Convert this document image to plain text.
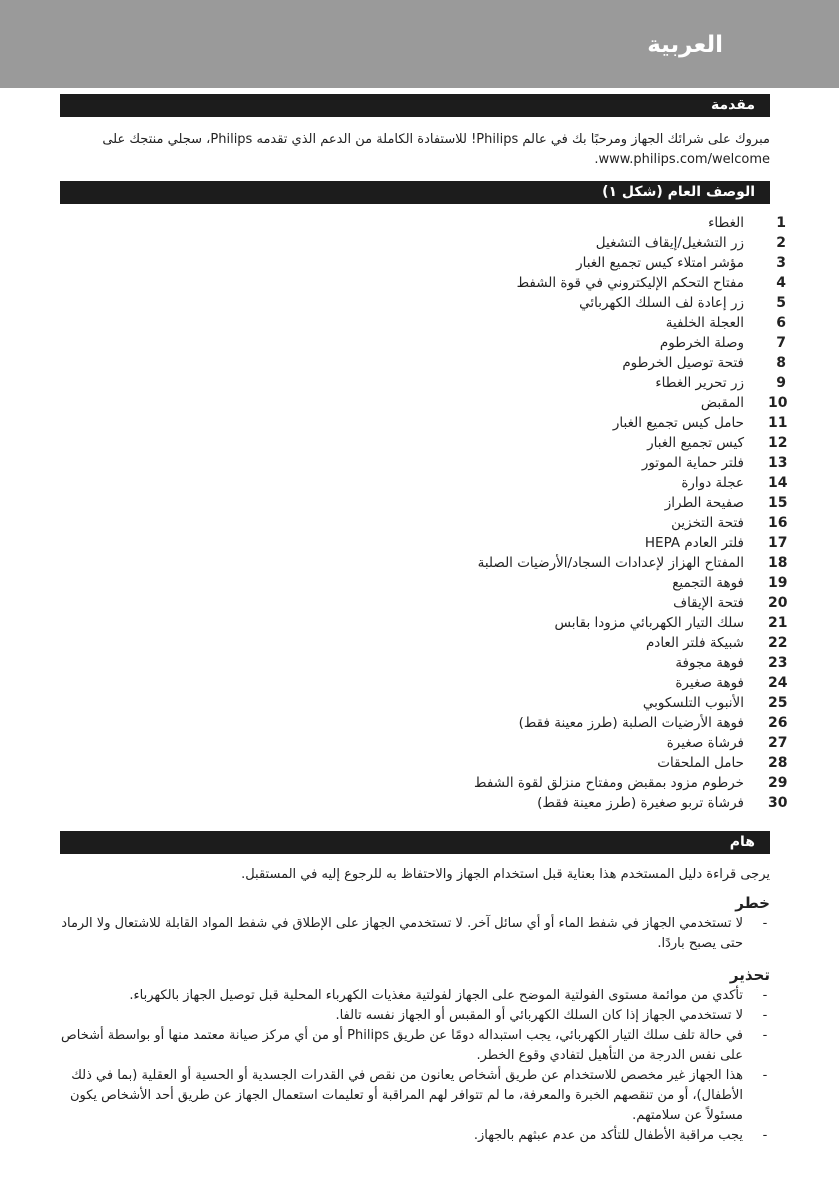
العربية
مقدمة
مبروك على شرائك الجهاز ومرحبًا بك في عالم Philips! للاستفادة الكاملة من الدعم الذي تقدمه Philips، سجلي منتجك على
www.philips.com/welcome.
الوصف العام (شكل ١)
1
الغطاء
2
زر التشغيل/إيقاف التشغيل
3
مؤشر امتلاء كيس تجميع الغبار
4
مفتاح التحكم الإليكتروني في قوة الشفط
5
زر إعادة لف السلك الكهربائي
6
العجلة الخلفية
7
وصلة الخرطوم
8
فتحة توصيل الخرطوم
9
زر تحرير الغطاء
10
المقبض
11
حامل كيس تجميع الغبار
12
كيس تجميع الغبار
13
فلتر حماية الموتور
14
عجلة دوارة
15
صفيحة الطراز
16
فتحة التخزين
17
فلتر العادم HEPA
18
المفتاح الهزاز لإعدادات السجاد/الأرضيات الصلبة
19
فوهة التجميع
20
فتحة الإيقاف
21
سلك التيار الكهربائي مزودا بقابس
22
شبيكة فلتر العادم
23
فوهة مجوفة
24
فوهة صغيرة
25
الأنبوب التلسكوبي
26
فوهة الأرضيات الصلبة (طرز معينة فقط)
27
فرشاة صغيرة
28
حامل الملحقات
29
خرطوم مزود بمقبض ومفتاح منزلق لقوة الشفط
30
فرشاة تربو صغيرة (طرز معينة فقط)
هام
يرجى قراءة دليل المستخدم هذا بعناية قبل استخدام الجهاز والاحتفاظ به للرجوع إليه في المستقبل.
خطر
-
لا تستخدمي الجهاز في شفط الماء أو أي سائل آخر. لا تستخدمي الجهاز على الإطلاق في شفط المواد القابلة للاشتعال ولا الرماد حتى يصبح باردًا.
تحذير
-
تأكدي من موائمة مستوى الفولتية الموضح على الجهاز لفولتية مغذيات الكهرباء المحلية قبل توصيل الجهاز بالكهرباء.
-
لا تستخدمي الجهاز إذا كان السلك الكهربائي أو المقبس أو الجهاز نفسه تالفا.
-
في حالة تلف سلك التيار الكهربائي، يجب استبداله دومًا عن طريق Philips أو من أي مركز صيانة معتمد منها أو بواسطة أشخاص على نفس الدرجة من التأهيل لتفادي وقوع الخطر.
-
هذا الجهاز غير مخصص للاستخدام عن طريق أشخاص يعانون من نقص في القدرات الجسدية أو الحسية أو العقلية (بما في ذلك الأطفال)، أو من تنقصهم الخبرة والمعرفة، ما لم تتوافر لهم المراقبة أو تعليمات استعمال الجهاز عن طريق أحد الأشخاص يكون مسئولاً عن سلامتهم.
-
يجب مراقبة الأطفال للتأكد من عدم عبثهم بالجهاز.
